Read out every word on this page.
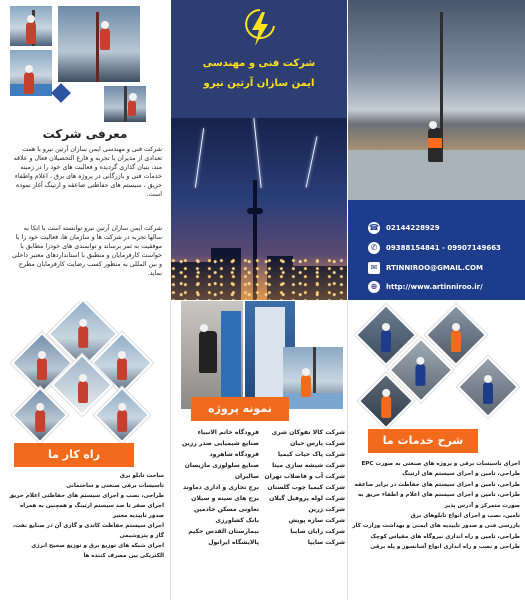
معرفی شرکت
شرکت فنی و مهندسی ایمن سازان آرتین نیرو با همت تعدادی از مدیران با تجربه و فارغ التحصیلان فعال و علاقه مند، بنیان گذاری گردیده و فعالیت های خود را در زمینه خدمات فنی و بازرگانی در پروژه های برق ، اعلام واطفاء حریق ، سیستم های حفاظتی صاعقه و ارتینگ آغاز نموده است.
شرکت ایمن سازان آرتین نیرو توانسته است با اتکا به سالها تجربه در شرکت ها و سازمان ها، فعالیت خود را با موفقیت به ثمر برساند و توانمندی های خودرا مطابق با خواست کارفرمایان و منطبق با استانداردهای معتبر داخلی و بین المللی به منظور کسب رضایت کارفرمایان مطرح نماید.
شرکت فنی و مهندسی
ایمن سازان آرتین نیرو
☎ 02144228929
✆	09388154841 - 09907149663
✉	RTINNIROO@GMAIL.COM
⊕	http://www.artinniroo.ir/
راه کار ما
ساخت تابلو برق
تاسیسات برقی صنعتی و ساختمانی
طراحی، نصب و اجرای سیستم های حفاظتی اعلام حریق
اجرای صفر تا صد سیستم ارتینگ و همچنین به همراه صدور تاییدیه معتبر
اجرای سیستم حفاظت کاتدی و گازی آن در صنایع نفت، گاز و پتروشیمی
اجرای شبکه های توزیع برق و توزیع صحیح انرژی الکتریکی بین مصرف کننده ها
نمونه پروژه
شرکت کالا نفوکان شری
شرکت پارس حیان
شرکت پاک حیات کیمیا
شرکت شیشه سازی مینا
شرکت آب و فاضلاب تهران
شرکت کیمیا چوب گلستان
شرکت لوله پروفیل گیلان
شرکت زرین
شرکت سازه پویش
شرکت رایان سایبا
شرکت سایپا
فرودگاه خاتم الانبیاء
صنایع شیمیایی صدر رزین
فرودگاه شاهرود
صنایع سلولوزی مازیسان
سالیران
برج تجاری و اداری دماوند
برج های سینه و سیلان
تعاونی مسکن خادمین
بانک کشاورزی
بیمارستان القدس حکیم
پالایشگاه ایرانول
شرح خدمات ما
اجرای تاسیسات برقی و پروژه های صنعتی به صورت EPC
طراحی، تامین و اجرای سیستم های ارتینگ
طراحی، تامین و اجرای سیستم های حفاظت در برابر صاعقه
طراحی، تامین و اجرای سیستم های اعلام و اطفاء حریق به صورت متمرکز و آدرس پذیر
تامین، نصب و اجرای انواع تابلوهای برق
بازرسی فنی و صدور تاییدیه های ایمنی و بهداشت وزارت کار
طراحی، تامین و راه اندازی نیروگاه های مقیاس کوچک
طراحی و نصب و راه اندازی انواع آسانسور و پله برقی
